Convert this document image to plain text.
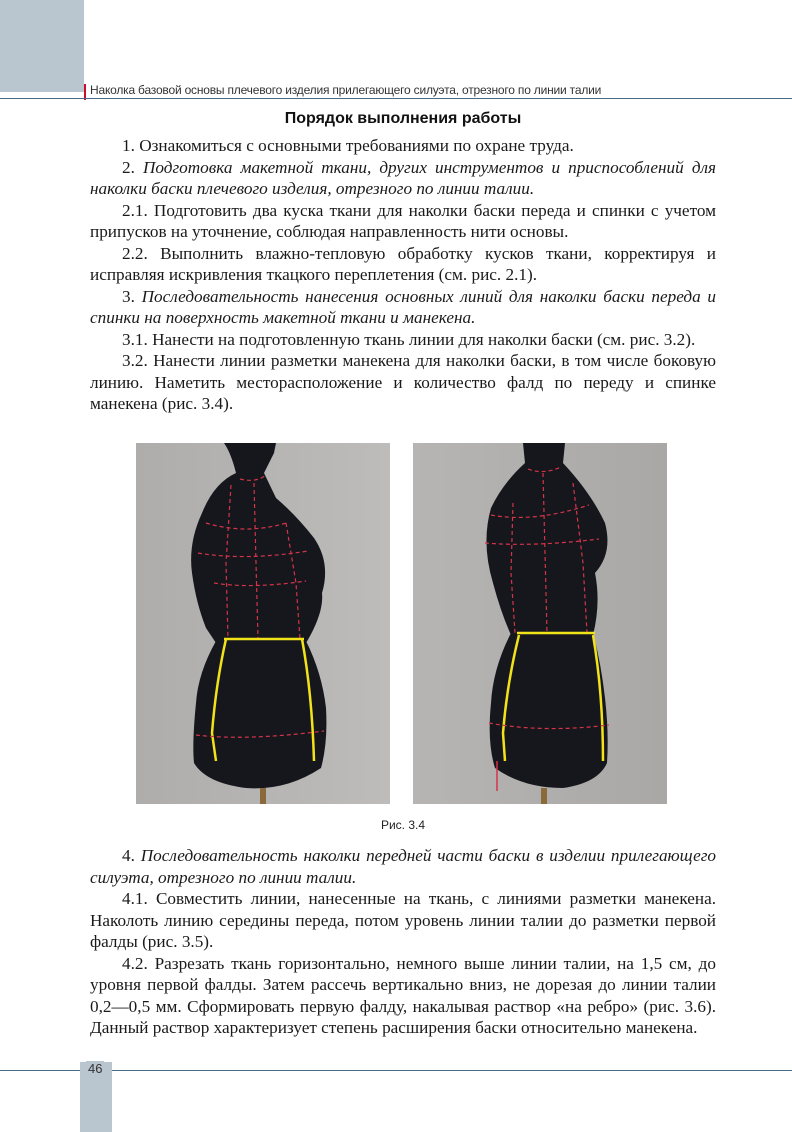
Наколка базовой основы плечевого изделия прилегающего силуэта, отрезного по линии талии
Порядок выполнения работы

1. Ознакомиться с основными требованиями по охране труда.

2. Подготовка макетной ткани, других инструментов и приспособлений для наколки баски плечевого изделия, отрезного по линии талии.

2.1. Подготовить два куска ткани для наколки баски переда и спинки с учетом припусков на уточнение, соблюдая направленность нити основы.

2.2. Выполнить влажно-тепловую обработку кусков ткани, корректируя и исправляя искривления ткацкого переплетения (см. рис. 2.1).

3. Последовательность нанесения основных линий для наколки баски переда и спинки на поверхность макетной ткани и манекена.

3.1. Нанести на подготовленную ткань линии для наколки баски (см. рис. 3.2).

3.2. Нанести линии разметки манекена для наколки баски, в том числе боковую линию. Наметить месторасположение и количество фалд по переду и спинке манекена (рис. 3.4).

Рис. 3.4

4. Последовательность наколки передней части баски в изделии прилегающего силуэта, отрезного по линии талии.

4.1. Совместить линии, нанесенные на ткань, с линиями разметки манекена. Наколоть линию середины переда, потом уровень линии талии до разметки первой фалды (рис. 3.5).

4.2. Разрезать ткань горизонтально, немного выше линии талии, на 1,5 см, до уровня первой фалды. Затем рассечь вертикально вниз, не дорезая до линии талии 0,2—0,5 мм. Сформировать первую фалду, накалывая раствор «на ребро» (рис. 3.6). Данный раствор характеризует степень расширения баски относительно манекена.

46
